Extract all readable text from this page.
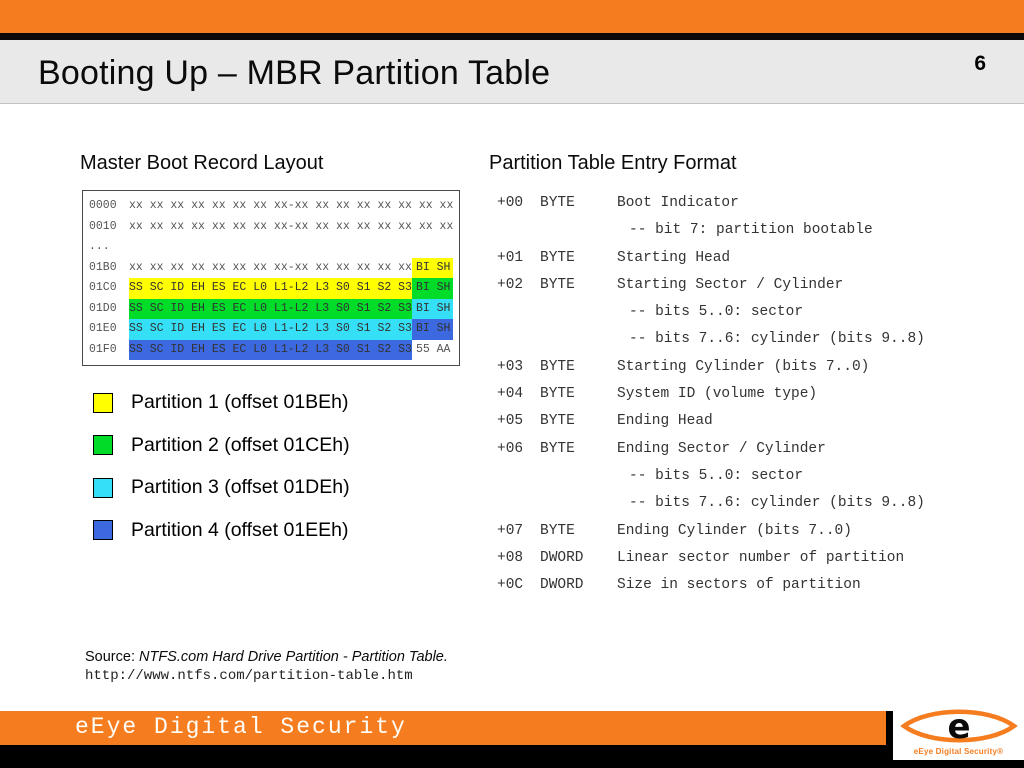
Booting Up – MBR Partition Table	6
Master Boot Record Layout	Partition Table Entry Format
0000	xx xx xx xx xx xx xx xx-xx xx xx xx xx xx xx xx
0010	xx xx xx xx xx xx xx xx-xx xx xx xx xx xx xx xx
...
01B0	xx xx xx xx xx xx xx xx-xx xx xx xx xx xx BI SH
01C0	SS SC ID EH ES EC L0 L1-L2 L3 S0 S1 S2 S3 BI SH
01D0	SS SC ID EH ES EC L0 L1-L2 L3 S0 S1 S2 S3 BI SH
01E0	SS SC ID EH ES EC L0 L1-L2 L3 S0 S1 S2 S3 BI SH
01F0	SS SC ID EH ES EC L0 L1-L2 L3 S0 S1 S2 S3 55 AA
Partition 1 (offset 01BEh)
Partition 2 (offset 01CEh)
Partition 3 (offset 01DEh)
Partition 4 (offset 01EEh)
+00	BYTE	Boot Indicator
-- bit 7: partition bootable
+01	BYTE	Starting Head
+02	BYTE	Starting Sector / Cylinder
-- bits 5..0: sector
-- bits 7..6: cylinder (bits 9..8)
+03	BYTE	Starting Cylinder (bits 7..0)
+04	BYTE	System ID (volume type)
+05	BYTE	Ending Head
+06	BYTE	Ending Sector / Cylinder
-- bits 5..0: sector
-- bits 7..6: cylinder (bits 9..8)
+07	BYTE	Ending Cylinder (bits 7..0)
+08	DWORD	Linear sector number of partition
+0C	DWORD	Size in sectors of partition
Source: NTFS.com Hard Drive Partition - Partition Table.
http://www.ntfs.com/partition-table.htm
eEye Digital Security	e
eEye Digital Security®
